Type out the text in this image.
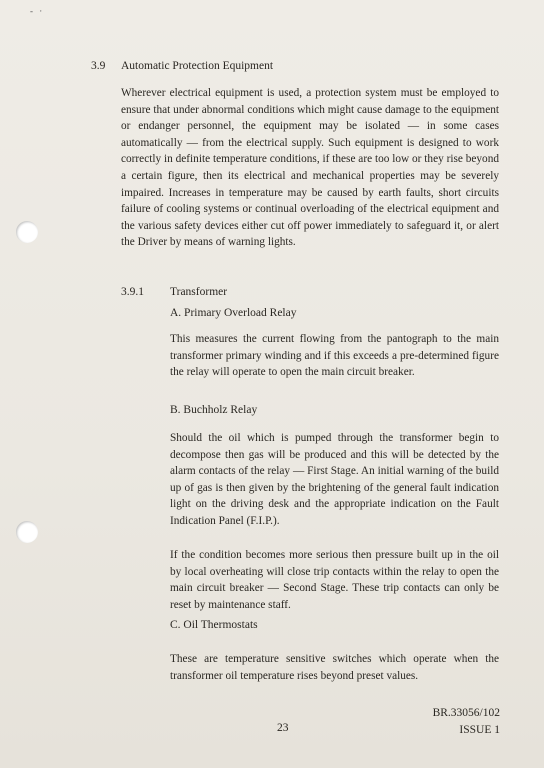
- ·
3.9 Automatic Protection Equipment

Wherever electrical equipment is used, a protection system must be employed to ensure that under abnormal conditions which might cause damage to the equipment or endanger personnel, the equipment may be isolated — in some cases automatically — from the electrical supply. Such equipment is designed to work correctly in definite temperature conditions, if these are too low or they rise beyond a certain figure, then its electrical and mechanical properties may be severely impaired. Increases in temperature may be caused by earth faults, short circuits failure of cooling systems or continual overloading of the electrical equipment and the various safety devices either cut off power immediately to safeguard it, or alert the Driver by means of warning lights.

3.9.1 Transformer
A. Primary Overload Relay

This measures the current flowing from the pantograph to the main transformer primary winding and if this exceeds a pre-determined figure the relay will operate to open the main circuit breaker.

B. Buchholz Relay

Should the oil which is pumped through the transformer begin to decompose then gas will be produced and this will be detected by the alarm contacts of the relay — First Stage. An initial warning of the build up of gas is then given by the brightening of the general fault indication light on the driving desk and the appropriate indication on the Fault Indication Panel (F.I.P.).

If the condition becomes more serious then pressure built up in the oil by local overheating will close trip contacts within the relay to open the main circuit breaker — Second Stage. These trip contacts can only be reset by maintenance staff.

C. Oil Thermostats

These are temperature sensitive switches which operate when the transformer oil temperature rises beyond preset values.

23
BR.33056/102
ISSUE 1
